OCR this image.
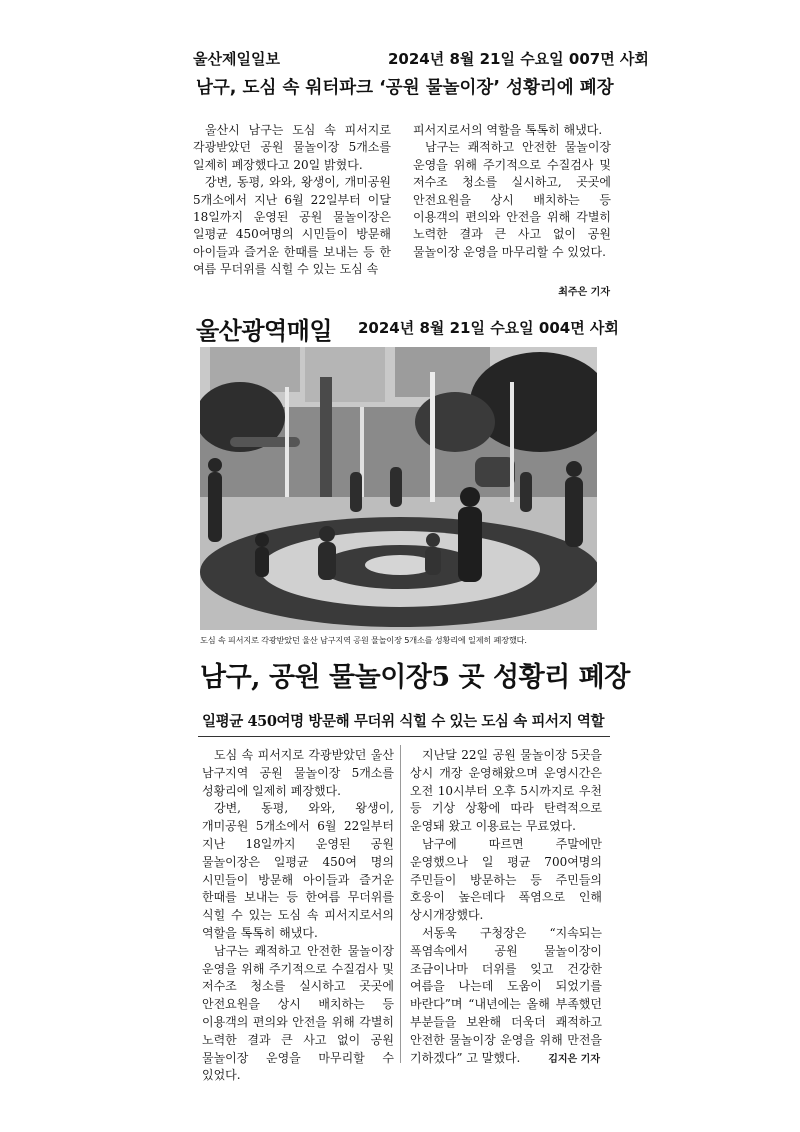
울산제일일보	2024년 8월 21일 수요일 007면 사회
남구, 도심 속 워터파크 ‘공원 물놀이장’ 성황리에 폐장

울산시 남구는 도심 속 피서지로 각광받았던 공원 물놀이장 5개소를 일제히 폐장했다고 20일 밝혔다.

강변, 동평, 와와, 왕생이, 개미공원 5개소에서 지난 6월 22일부터 이달 18일까지 운영된 공원 물놀이장은 일평균 450여명의 시민들이 방문해 아이들과 즐거운 한때를 보내는 등 한 여름 무더위를 식힐 수 있는 도심 속

피서지로서의 역할을 톡톡히 해냈다.

남구는 쾌적하고 안전한 물놀이장 운영을 위해 주기적으로 수질검사 및 저수조 청소를 실시하고, 곳곳에 안전요원을 상시 배치하는 등 이용객의 편의와 안전을 위해 각별히 노력한 결과 큰 사고 없이 공원 물놀이장 운영을 마무리할 수 있었다.

최주은 기자
울산광역매일 2024년 8월 21일 수요일 004면 사회
도심 속 피서지로 각광받았던 울산 남구지역 공원 물놀이장 5개소를 성황리에 일제히 폐장했다.
남구, 공원 물놀이장5 곳 성황리 폐장
일평균 450여명 방문해 무더위 식힐 수 있는 도심 속 피서지 역할

도심 속 피서지로 각광받았던 울산 남구지역 공원 물놀이장 5개소를 성황리에 일제히 폐장했다.

강변, 동평, 와와, 왕생이, 개미공원 5개소에서 6월 22일부터 지난 18일까지 운영된 공원 물놀이장은 일평균 450여 명의 시민들이 방문해 아이들과 즐거운 한때를 보내는 등 한여름 무더위를 식힐 수 있는 도심 속 피서지로서의 역할을 톡톡히 해냈다.

남구는 쾌적하고 안전한 물놀이장 운영을 위해 주기적으로 수질검사 및 저수조 청소를 실시하고 곳곳에 안전요원을 상시 배치하는 등 이용객의 편의와 안전을 위해 각별히 노력한 결과 큰 사고 없이 공원 물놀이장 운영을 마무리할 수 있었다.

지난달 22일 공원 물놀이장 5곳을 상시 개장 운영해왔으며 운영시간은 오전 10시부터 오후 5시까지로 우천 등 기상 상황에 따라 탄력적으로 운영돼 왔고 이용료는 무료였다.

남구에 따르면 주말에만 운영했으나 일 평균 700여명의 주민들이 방문하는 등 주민들의 호응이 높은데다 폭염으로 인해 상시개장했다.

서동욱 구청장은 “지속되는 폭염속에서 공원 물놀이장이 조금이나마 더위를 잊고 건강한 여름을 나는데 도움이 되었기를 바란다”며 “내년에는 올해 부족했던 부분들을 보완해 더욱더 쾌적하고 안전한 물놀이장 운영을 위해 만전을 기하겠다” 고 말했다.	김지은 기자
